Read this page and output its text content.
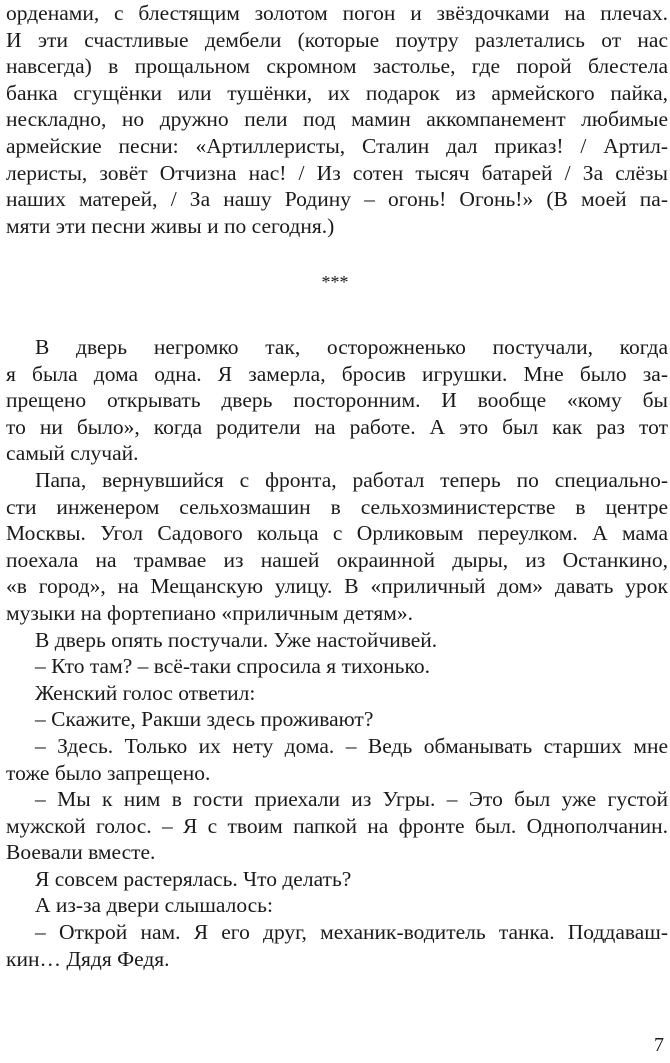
орденами, с блестящим золотом погон и звёздочками на плечах.
И эти счастливые дембели (которые поутру разлетались от нас
навсегда) в прощальном скромном застолье, где порой блестела
банка сгущёнки или тушёнки, их подарок из армейского пайка,
нескладно, но дружно пели под мамин аккомпанемент любимые
армейские песни: «Артиллеристы, Сталин дал приказ! / Артил-
леристы, зовёт Отчизна нас! / Из сотен тысяч батарей / За слёзы
наших матерей, / За нашу Родину – огонь! Огонь!» (В моей па-
мяти эти песни живы и по сегодня.)
***
В дверь негромко так, осторожненько постучали, когда
я была дома одна. Я замерла, бросив игрушки. Мне было за-
прещено открывать дверь посторонним. И вообще «кому бы
то ни было», когда родители на работе. А это был как раз тот
самый случай.
Папа, вернувшийся с фронта, работал теперь по специально-
сти инженером сельхозмашин в сельхозминистерстве в центре
Москвы. Угол Садового кольца с Орликовым переулком. А мама
поехала на трамвае из нашей окраинной дыры, из Останкино,
«в город», на Мещанскую улицу. В «приличный дом» давать урок
музыки на фортепиано «приличным детям».
В дверь опять постучали. Уже настойчивей.
– Кто там? – всё-таки спросила я тихонько.
Женский голос ответил:
– Скажите, Ракши здесь проживают?
– Здесь. Только их нету дома. – Ведь обманывать старших мне
тоже было запрещено.
– Мы к ним в гости приехали из Угры. – Это был уже густой
мужской голос. – Я с твоим папкой на фронте был. Однополчанин.
Воевали вместе.
Я совсем растерялась. Что делать?
А из-за двери слышалось:
– Открой нам. Я его друг, механик-водитель танка. Поддаваш-
кин… Дядя Федя.
7
